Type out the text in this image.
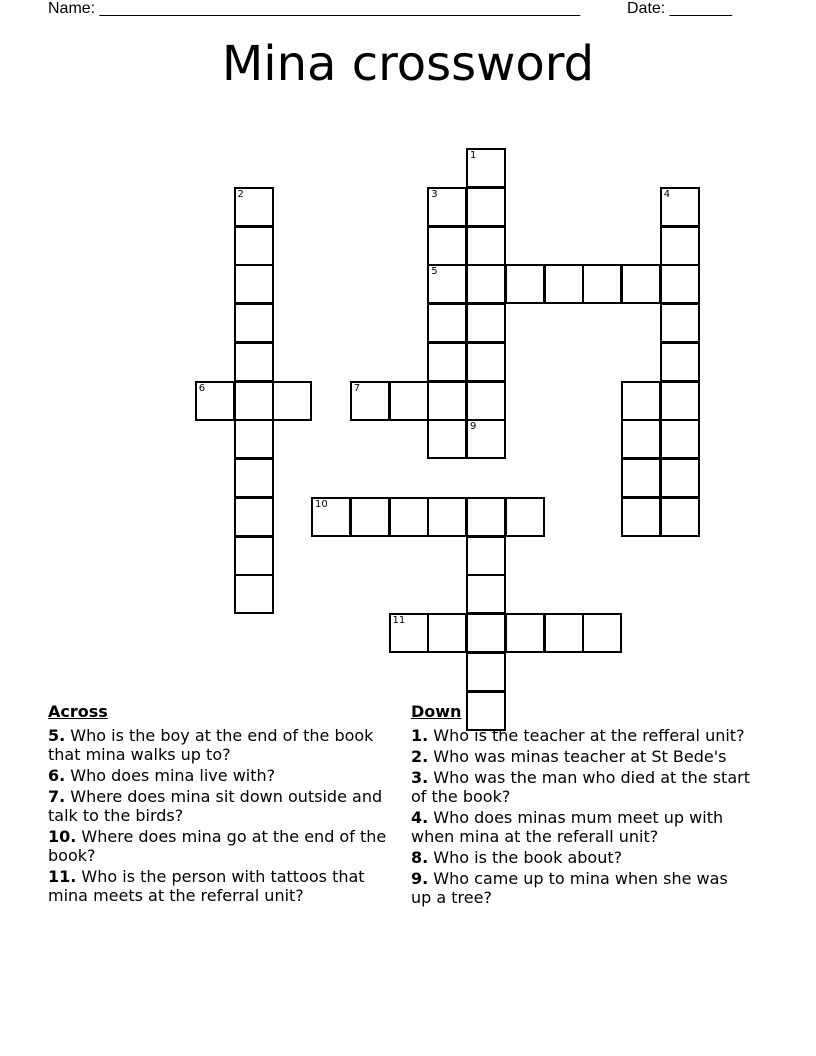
Name: ______________________________________________________	Date: _______
Mina crossword
1
9
2	3
5
4
6	7
10
11
Across
5. Who is the boy at the end of the book that mina walks up to?
6. Who does mina live with?
7. Where does mina sit down outside and talk to the birds?
10. Where does mina go at the end of the book?
11. Who is the person with tattoos that mina meets at the referral unit?
Down
1. Who is the teacher at the refferal unit?
2. Who was minas teacher at St Bede's
3. Who was the man who died at the start of the book?
4. Who does minas mum meet up with when mina at the referall unit?
8. Who is the book about?
9. Who came up to mina when she was up a tree?
